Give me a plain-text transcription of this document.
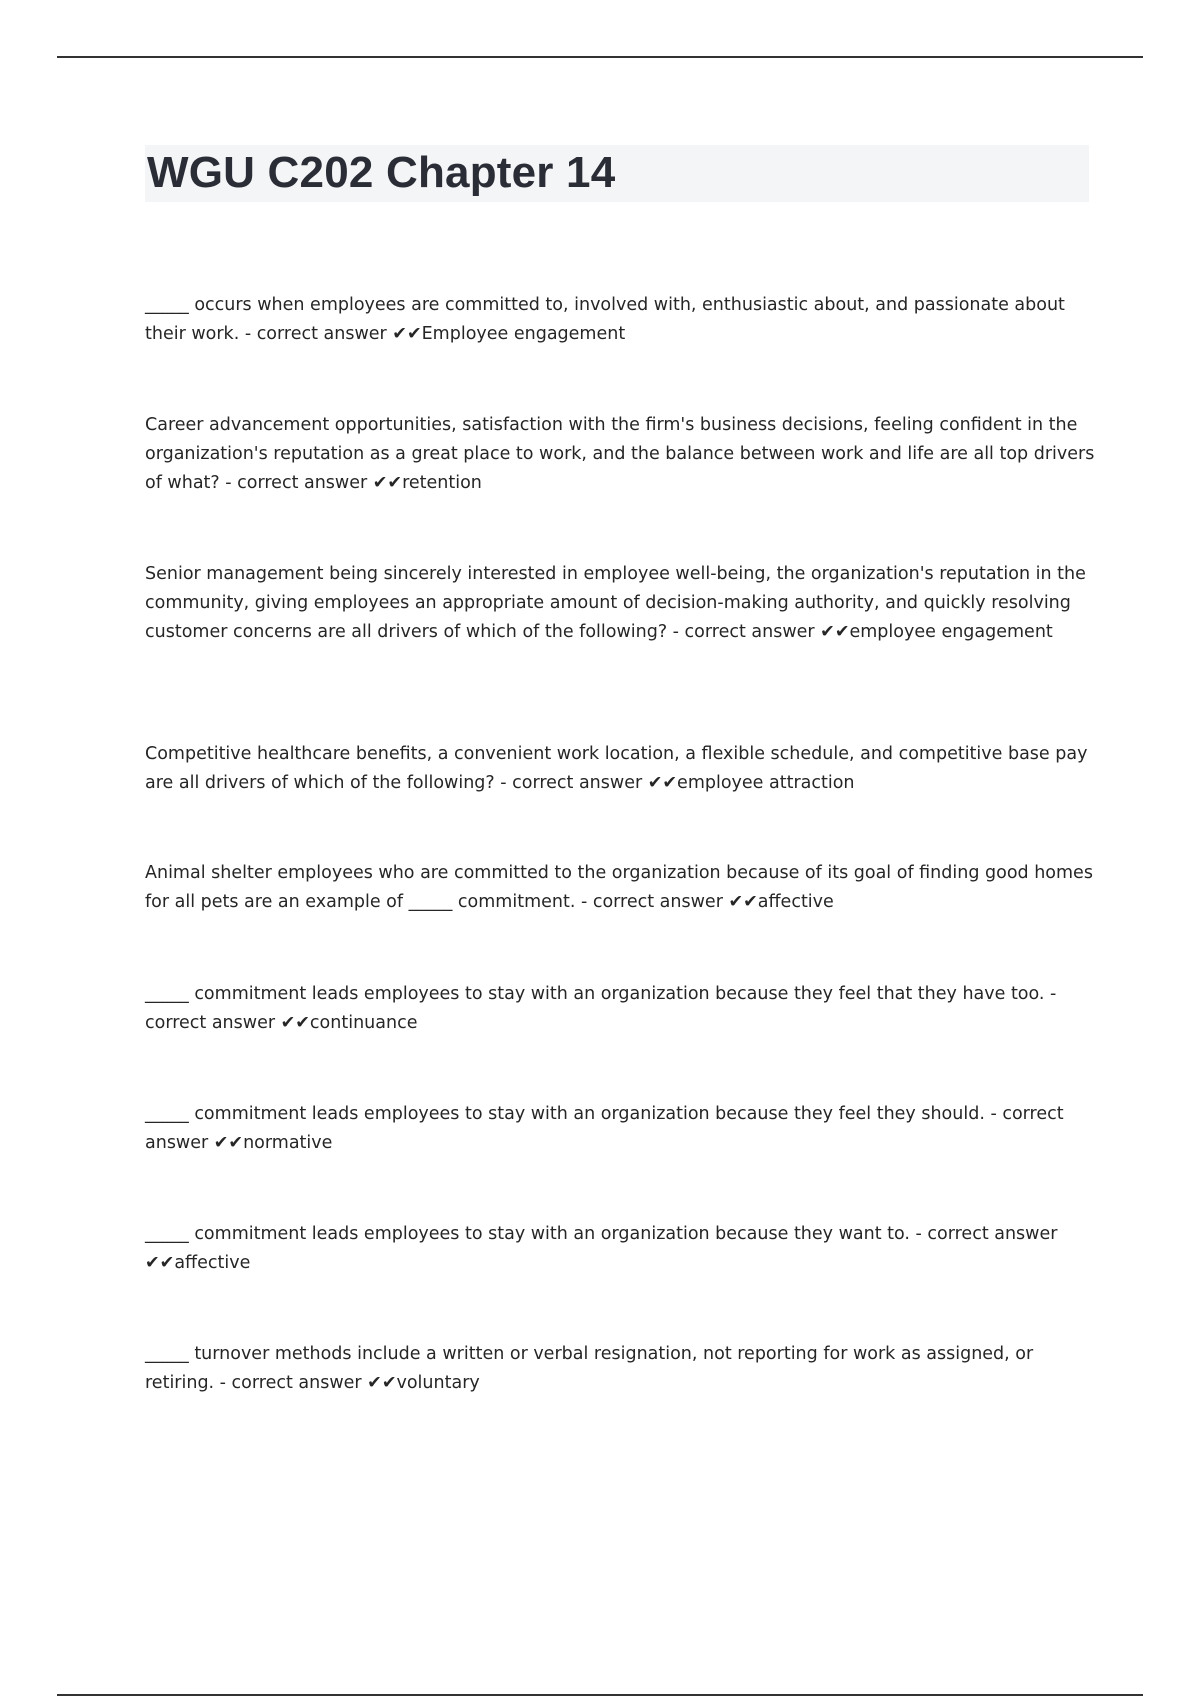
WGU C202 Chapter 14

_____ occurs when employees are committed to, involved with, enthusiastic about, and passionate about their work. - correct answer ✔✔Employee engagement

Career advancement opportunities, satisfaction with the firm's business decisions, feeling confident in the organization's reputation as a great place to work, and the balance between work and life are all top drivers of what? - correct answer ✔✔retention

Senior management being sincerely interested in employee well-being, the organization's reputation in the community, giving employees an appropriate amount of decision-making authority, and quickly resolving customer concerns are all drivers of which of the following? - correct answer ✔✔employee engagement

Competitive healthcare benefits, a convenient work location, a flexible schedule, and competitive base pay are all drivers of which of the following? - correct answer ✔✔employee attraction

Animal shelter employees who are committed to the organization because of its goal of finding good homes for all pets are an example of _____ commitment. - correct answer ✔✔affective

_____ commitment leads employees to stay with an organization because they feel that they have too. - correct answer ✔✔continuance

_____ commitment leads employees to stay with an organization because they feel they should. - correct answer ✔✔normative

_____ commitment leads employees to stay with an organization because they want to. - correct answer ✔✔affective

_____ turnover methods include a written or verbal resignation, not reporting for work as assigned, or retiring. - correct answer ✔✔voluntary
